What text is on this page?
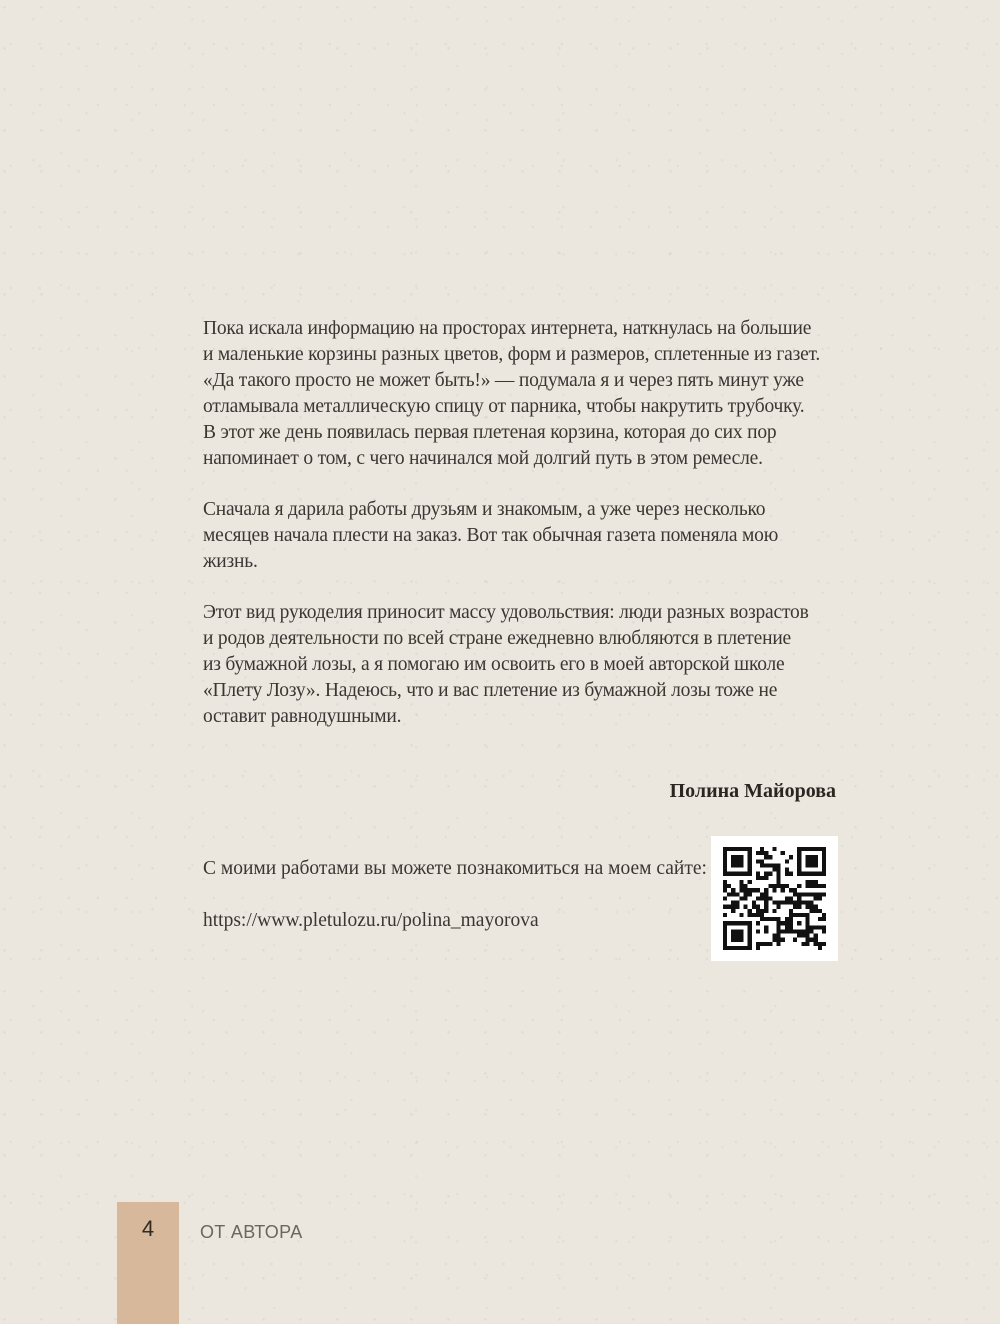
Пока искала информацию на просторах интернета, наткнулась на большие
и маленькие корзины разных цветов, форм и размеров, сплетенные из газет.
«Да такого просто не может быть!» — подумала я и через пять минут уже
отламывала металлическую спицу от парника, чтобы накрутить трубочку.
В этот же день появилась первая плетеная корзина, которая до сих пор
напоминает о том, с чего начинался мой долгий путь в этом ремесле.

Сначала я дарила работы друзьям и знакомым, а уже через несколько
месяцев начала плести на заказ. Вот так обычная газета поменяла мою
жизнь.

Этот вид рукоделия приносит массу удовольствия: люди разных возрастов
и родов деятельности по всей стране ежедневно влюбляются в плетение
из бумажной лозы, а я помогаю им освоить его в моей авторской школе
«Плету Лозу». Надеюсь, что и вас плетение из бумажной лозы тоже не
оставит равнодушными.

Полина Майорова
С моими работами вы можете познакомиться на моем сайте:
https://www.pletulozu.ru/polina_mayorova
4	ОТ АВТОРА
